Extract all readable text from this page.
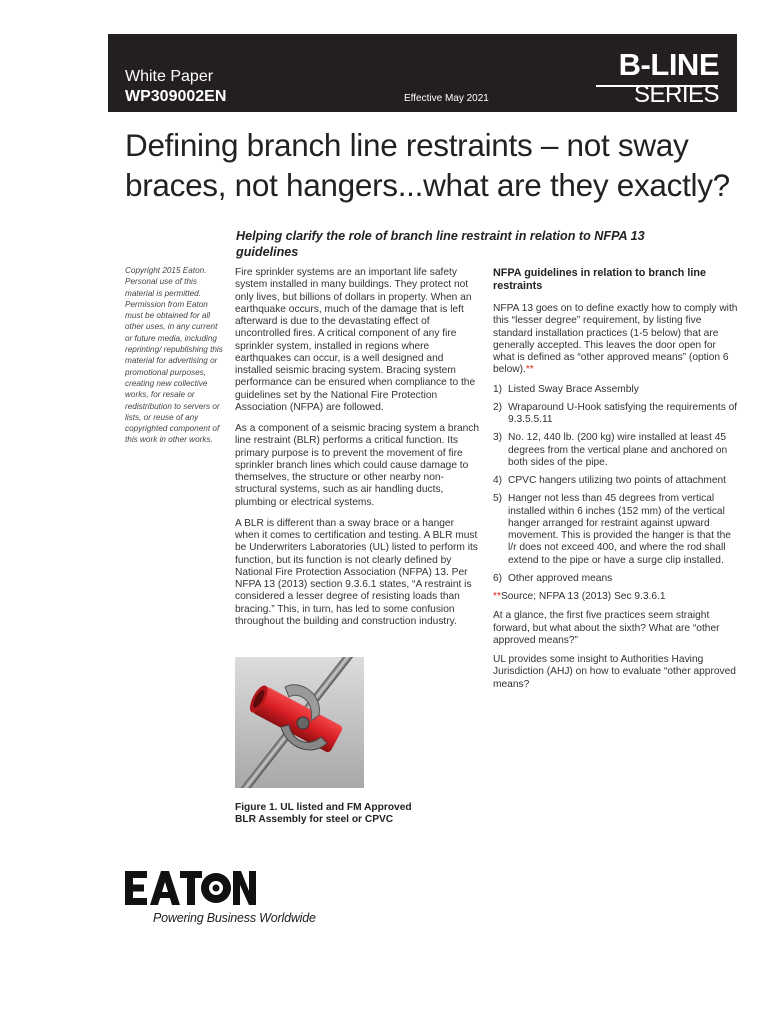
White Paper
WP309002EN	Effective May 2021
B-LINE
SERIES
Defining branch line restraints – not sway braces, not hangers...what are they exactly?

Helping clarify the role of branch line restraint in relation to NFPA 13 guidelines

Copyright 2015 Eaton. Personal use of this material is permitted. Permission from Eaton must be obtained for all other uses, in any current or future media, including reprinting/ republishing this material for advertising or promotional purposes, creating new collective works, for resale or redistribution to servers or lists, or reuse of any copyrighted component of this work in other works.

Fire sprinkler systems are an important life safety system installed in many buildings. They protect not only lives, but billions of dollars in property. When an earthquake occurs, much of the damage that is left afterward is due to the devastating effect of uncontrolled fires. A critical component of any fire sprinkler system, installed in regions where earthquakes can occur, is a well designed and installed seismic bracing system. Bracing system performance can be ensured when compliance to the guidelines set by the National Fire Protection Association (NFPA) are followed.

As a component of a seismic bracing system a branch line restraint (BLR) performs a critical function. Its primary purpose is to prevent the movement of fire sprinkler branch lines which could cause damage to themselves, the structure or other nearby non-structural systems, such as air handling ducts, plumbing or electrical systems.

A BLR is different than a sway brace or a hanger when it comes to certification and testing. A BLR must be Underwriters Laboratories (UL) listed to perform its function, but its function is not clearly defined by National Fire Protection Association (NFPA) 13. Per NFPA 13 (2013) section 9.3.6.1 states, “A restraint is considered a lesser degree of resisting loads than bracing.” This, in turn, has led to some confusion throughout the building and construction industry.

Figure 1. UL listed and FM Approved BLR Assembly for steel or CPVC

NFPA guidelines in relation to branch line restraints

NFPA 13 goes on to define exactly how to comply with this “lesser degree” requirement, by listing five standard installation practices (1-5 below) that are generally accepted. This leaves the door open for what is defined as “other approved means” (option 6 below).**

1) Listed Sway Brace Assembly
2) Wraparound U-Hook satisfying the requirements of 9.3.5.5.11
3) No. 12, 440 lb. (200 kg) wire installed at least 45 degrees from the vertical plane and anchored on both sides of the pipe.
4) CPVC hangers utilizing two points of attachment
5) Hanger not less than 45 degrees from vertical installed within 6 inches (152 mm) of the vertical hanger arranged for restraint against upward movement. This is provided the hanger is that the l/r does not exceed 400, and where the rod shall extend to the pipe or have a surge clip installed.
6) Other approved means

**Source; NFPA 13 (2013) Sec 9.3.6.1

At a glance, the first five practices seem straight forward, but what about the sixth? What are “other approved means?”

UL provides some insight to Authorities Having Jurisdiction (AHJ) on how to evaluate “other approved means?

Powering Business Worldwide
